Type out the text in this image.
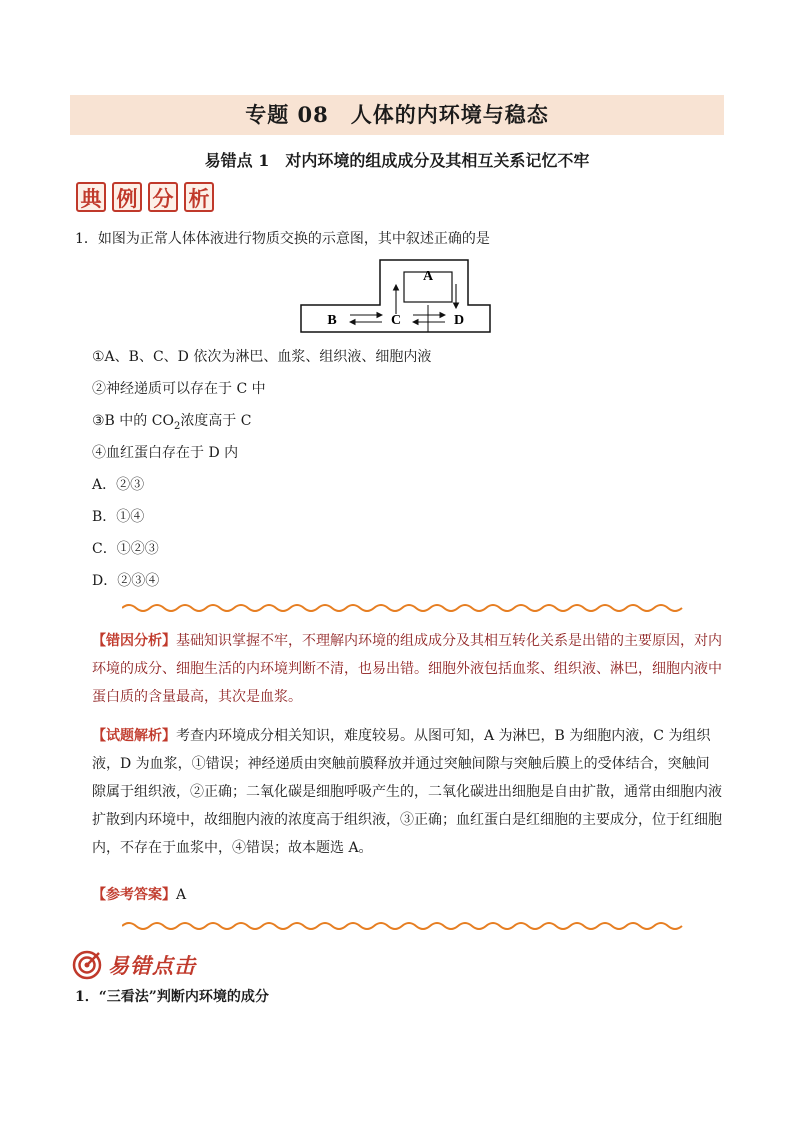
专题 08　人体的内环境与稳态
易错点 1　对内环境的组成成分及其相互关系记忆不牢
典 例 分 析
1．如图为正常人体体液进行物质交换的示意图，其中叙述正确的是
A
B	C	D
①A、B、C、D 依次为淋巴、血浆、组织液、细胞内液
②神经递质可以存在于 C 中
③B 中的 $CO_2$浓度高于 C
④血红蛋白存在于 D 内
A．②③
B．①④
C．①②③
D．②③④
【错因分析】基础知识掌握不牢，不理解内环境的组成成分及其相互转化关系是出错的主要原因，对内环境的成分、细胞生活的内环境判断不清，也易出错。细胞外液包括血浆、组织液、淋巴，细胞内液中蛋白质的含量最高，其次是血浆。
【试题解析】考查内环境成分相关知识，难度较易。从图可知，A 为淋巴，B 为细胞内液，C 为组织液，D 为血浆，①错误；神经递质由突触前膜释放并通过突触间隙与突触后膜上的受体结合，突触间隙属于组织液，②正确；二氧化碳是细胞呼吸产生的，二氧化碳进出细胞是自由扩散，通常由细胞内液扩散到内环境中，故细胞内液的浓度高于组织液，③正确；血红蛋白是红细胞的主要成分，位于红细胞内，不存在于血浆中，④错误；故本题选 A。
【参考答案】A
易错点击
1．“三看法”判断内环境的成分
